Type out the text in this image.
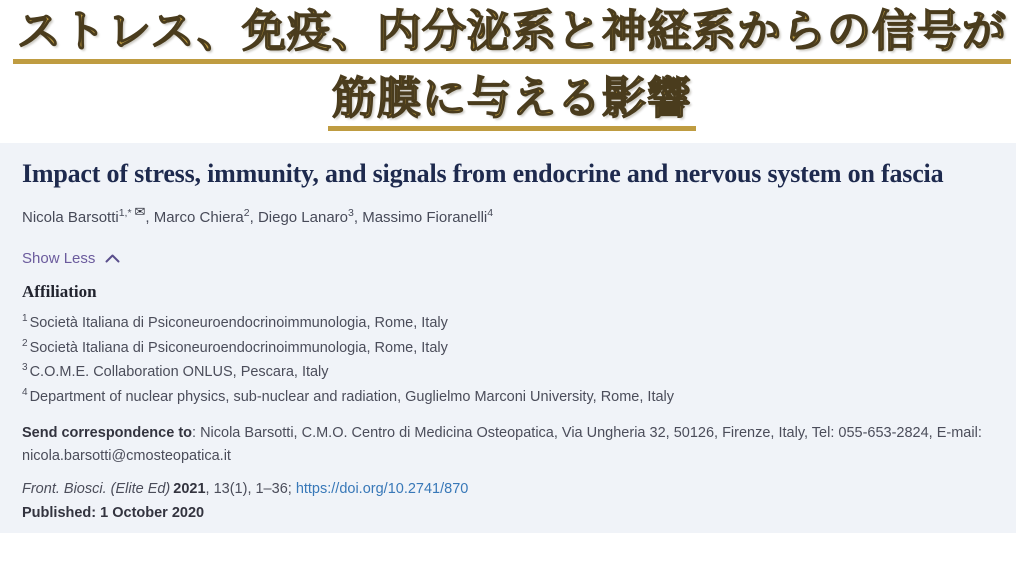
ストレス、免疫、内分泌系と神経系からの信号が
筋膜に与える影響
Impact of stress, immunity, and signals from endocrine and nervous system on fascia
Nicola Barsotti$^{1,*}$ ✉, Marco Chiera$^2$, Diego Lanaro$^3$, Massimo Fioranelli$^4$
Show Less
Affiliation
$^1$ Società Italiana di Psiconeuroendocrinoimmunologia, Rome, Italy
$^2$ Società Italiana di Psiconeuroendocrinoimmunologia, Rome, Italy
$^3$ C.O.M.E. Collaboration ONLUS, Pescara, Italy
$^4$ Department of nuclear physics, sub-nuclear and radiation, Guglielmo Marconi University, Rome, Italy
Send correspondence to: Nicola Barsotti, C.M.O. Centro di Medicina Osteopatica, Via Ungheria 32, 50126, Firenze, Italy, Tel: 055-653-2824, E-mail: nicola.barsotti@cmosteopatica.it
Front. Biosci. (Elite Ed) 2021, 13(1), 1–36; https://doi.org/10.2741/870
Published: 1 October 2020
